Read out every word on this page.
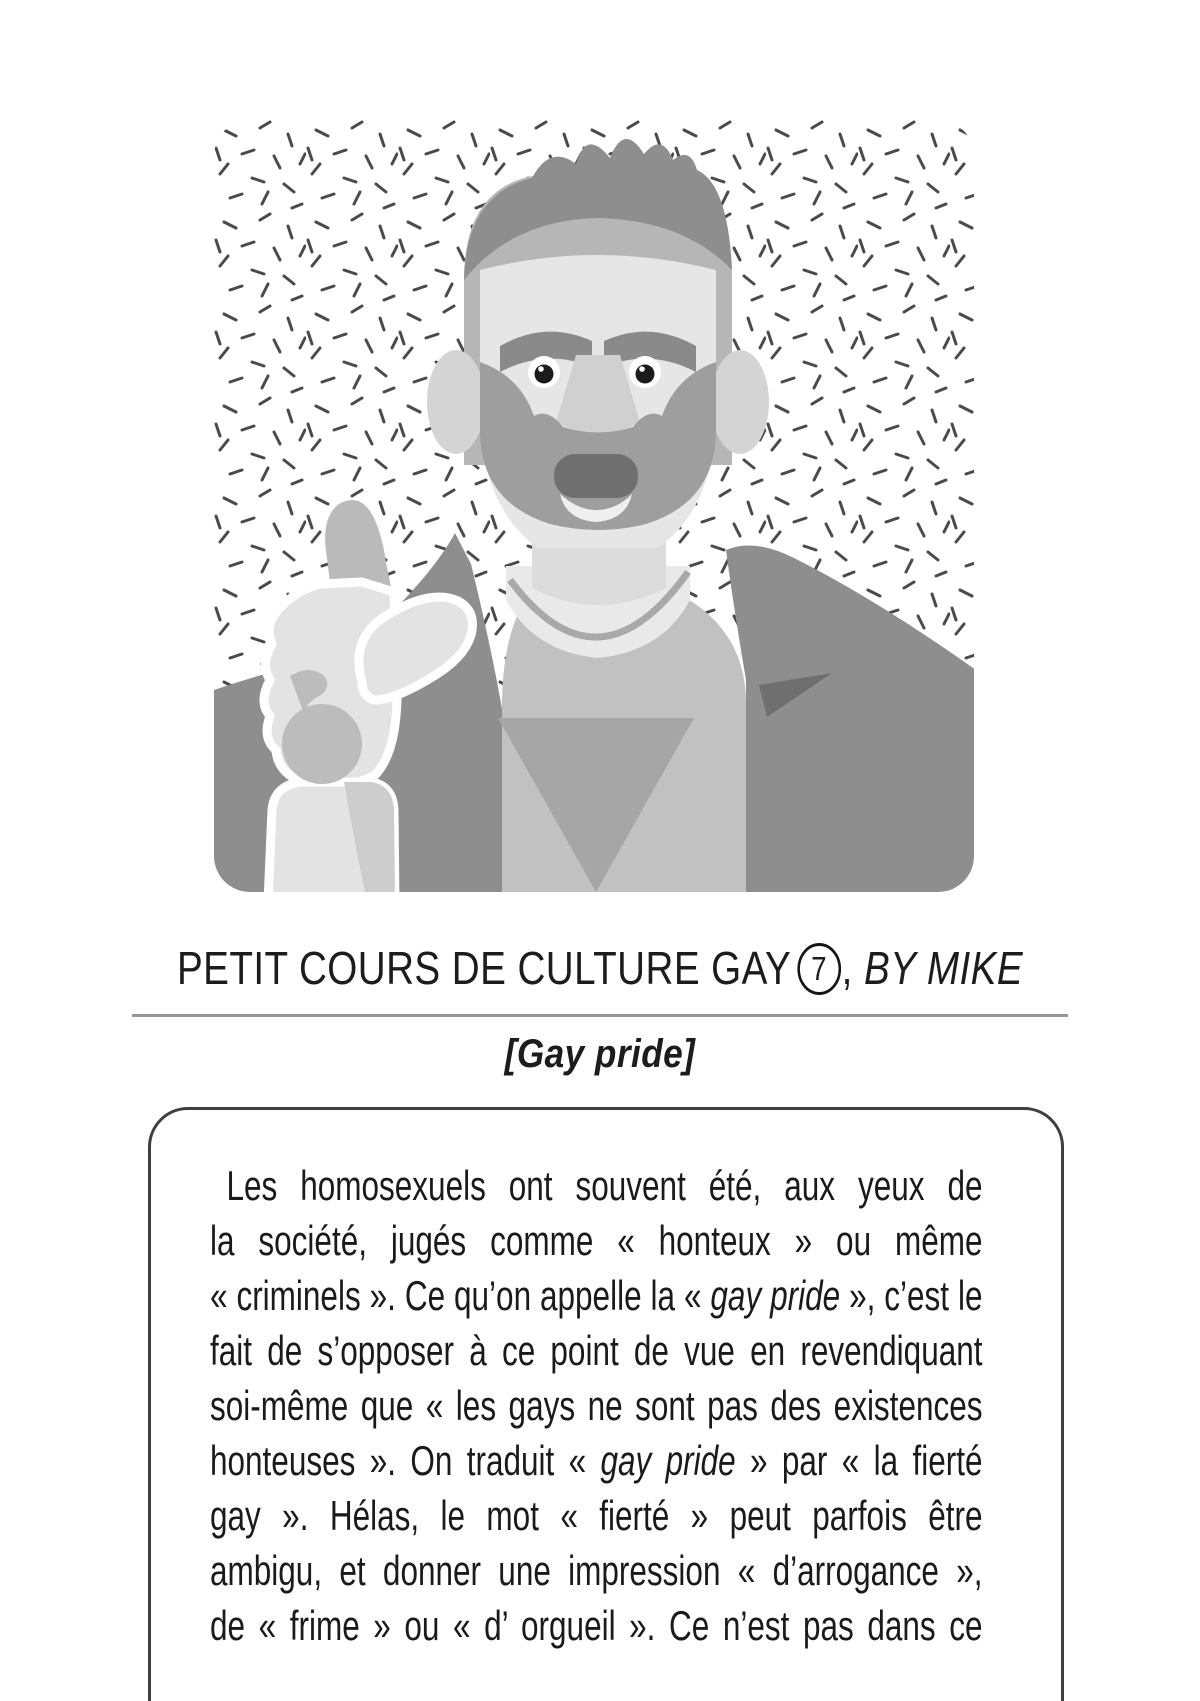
PETIT COURS DE CULTURE GAY 7 , BY MIKE
[Gay pride]
Les homosexuels ont souvent été, aux yeux de
la société, jugés comme « honteux » ou même
« criminels ». Ce qu’on appelle la « gay pride », c’est le
fait de s’opposer à ce point de vue en revendiquant
soi-même que « les gays ne sont pas des existences
honteuses ». On traduit « gay pride » par « la fierté
gay ». Hélas, le mot « fierté » peut parfois être
ambigu, et donner une impression « d’arrogance »,
de « frime » ou « d’ orgueil ». Ce n’est pas dans ce
